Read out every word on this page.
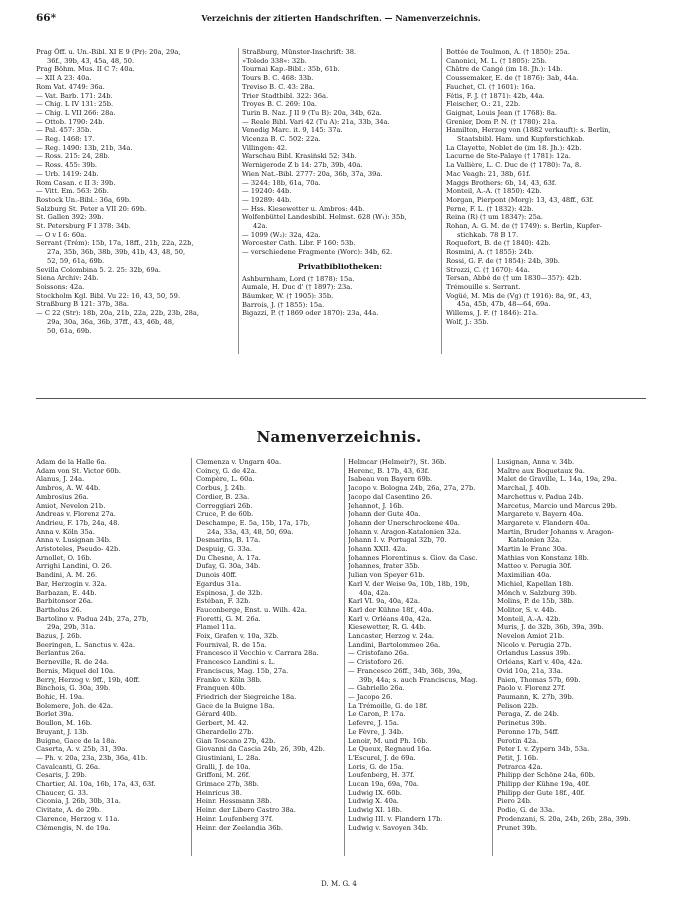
66*	Verzeichnis der zitierten Handschriften. — Namenverzeichnis.
Prag Öff. u. Un.-Bibl. XI E 9 (Pr): 20a, 29a,
36f., 39b, 43, 45a, 48, 50.
Prag Böhm. Mus. II C 7: 40a.
— XII A 23: 40a.
Rom Vat. 4749: 36a.
— Vat. Barb. 171: 24b.
— Chig. L IV 131: 25b.
— Chig. L VII 266: 28a.
— Ottob. 1790: 24b.
— Pal. 457: 35b.
— Reg. 1468: 17.
— Reg. 1490: 13b, 21b, 34a.
— Ross. 215: 24, 28b.
— Ross. 455: 39b.
— Urb. 1419: 24b.
Rom Casan. c II 3: 39b.
— Vitt. Em. 563: 26b.
Rostock Un.-Bibl.: 36a, 69b.
Salzburg St. Peter a VII 20: 69b.
St. Gallen 392: 39b.
St. Petersburg F I 378: 34b.
— O v I 6: 60a.
Serrant (Trém): 15b, 17a, 18ff., 21b, 22a, 22b,
27a, 35b, 36b, 38b, 39b, 41b, 43, 48, 50,
52, 59, 61a, 69b.
Sevilla Colombina 5. 2. 25: 32b, 69a.
Siena Archiv: 24b.
Soissons: 42a.
Stockholm Kgl. Bibl. Vu 22: 16, 43, 50, 59.
Straßburg B 121: 37b, 38a.
— C 22 (Str): 18b, 20a, 21b, 22a, 22b, 23b, 28a,
29a, 30a, 36a, 36b, 37ff., 43, 46b, 48,
50, 61a, 69b.
Straßburg, Münster-Inschrift: 38.
»Toledo 338«: 32b.
Tournai Kap.-Bibl.: 35b, 61b.
Tours B. C. 468: 33b.
Treviso B. C. 43: 28a.
Trier Stadtbibl. 322: 36a.
Troyes B. C. 269: 10a.
Turin B. Naz. J II 9 (Tu B): 20a, 34b, 62a.
— Reale Bibl. Vari 42 (Tu A): 21a, 33b, 34a.
Venedig Marc. it. 9, 145: 37a.
Vicenza B. C. 502: 22a.
Villingen: 42.
Warschau Bibl. Krasiński 52: 34b.
Wernigerode Z b 14: 27b, 39b, 40a.
Wien Nat.-Bibl. 2777: 20a, 36b, 37a, 39a.
— 3244: 18b, 61a, 70a.
— 19240: 44b.
— 19289: 44b.
— Hss. Kiesewetter u. Ambros: 44b.
Wolfenbüttel Landesbibl. Helmst. 628 (W₁): 35b,
42a.
— 1099 (W₂): 32a, 42a.
Worcester Cath. Libr. F 160: 53b.
— verschiedene Fragmente (Worc): 34b, 62.
Privatbibliotheken:
Ashburnham, Lord († 1878): 15a.
Aumale, H. Duc d' († 1897): 23a.
Bäumker, W. († 1905): 35b.
Barrois, J. († 1855): 15a.
Bigazzi, P. († 1869 oder 1870): 23a, 44a.
Bottée de Toulmon, A. († 1850): 25a.
Canonici, M. L. († 1805): 25b.
Châtre de Cangé (im 18. Jh.): 14b.
Coussemaker, E. de († 1876): 3ab, 44a.
Fauchet, Cl. († 1601): 16a.
Fétis, F. J. († 1871): 42b, 44a.
Fleischer, O.: 21, 22b.
Gaignat, Louis Jean († 1768): 8a.
Grenier, Dom P. N. († 1780): 21a.
Hamilton, Herzog von (1882 verkauft): s. Berlin,
Staatsbibl. Ham. und Kupferstichkab.
La Clayette, Noblet de (im 18. Jh.): 42b.
Lacurne de Ste-Palaye († 1781): 12a.
La Vallière, L. C. Duc de († 1780): 7a, 8.
Mac Veagh: 21, 38b, 61f.
Maggs Brothers: 6b, 14, 43, 63f.
Monteil, A.-A. († 1850): 42b.
Morgan, Pierpont (Morg): 13, 43, 48ff., 63f.
Perne, F. L. († 1832): 42b.
Reina (R) († um 1834?): 25a.
Rohan, A. G. M. de († 1749): s. Berlin, Kupfer-
stichkab. 78 B 17.
Roquefort, B. de († 1840): 42b.
Rosmini, A. († 1855): 24b.
Rossi, G. F. de († 1854): 24b, 39b.
Strozzi, C. († 1670): 44a.
Tersan, Abbé de († um 1830—35?): 42b.
Trémouille s. Serrant.
Vogüé, M. Mis de (Vg) († 1916): 8a, 9f., 43,
45a, 45b, 47b, 48—64, 69a.
Willems, J. F. († 1846): 21a.
Wolf, J.: 35b.
Namenverzeichnis.
Adam de la Halle 6a.
Adam von St. Victor 60b.
Alanus, J. 24a.
Ambros, A. W. 44b.
Ambrosius 26a.
Amiot, Nevelon 21b.
Andreas v. Florenz 27a.
Andrieu, F. 17b, 24a, 48.
Anna v. Köln 35a.
Anna v. Lusignan 34b.
Aristoteles, Pseudo- 42b.
Arnollet, O. 16b.
Arrighi Landini, O. 26.
Bandini, A. M. 26.
Bar, Herzogin v. 32a.
Barbazan, E. 44b.
Barbitonsor 26a.
Bartholus 26.
Bartolino v. Padua 24b, 27a, 27b,
29a, 29b, 31a.
Bazus, J. 26b.
Beeringen, L. Sanctus v. 42a.
Berlantus 26a.
Berneville, R. de 24a.
Bernis, Miquel del 10a.
Berry, Herzog v. 9ff., 19b, 40ff.
Binchois, G. 30a, 39b.
Bohic, H. 19a.
Bolemere, Joh. de 42a.
Borlet 39a.
Boullon, M. 16b.
Bruyant, J. 13b.
Buigne, Gace de la 18a.
Caserta, A. v. 25b, 31, 39a.
— Ph. v. 20a, 23a, 23b, 36a, 41b.
Cavalcanti, G. 26a.
Cesaris, J. 29b.
Chartier, Al. 10a, 16b, 17a, 43, 63f.
Chaucer, G. 33.
Ciconia, J. 26b, 30b, 31a.
Civitate, A. de 29b.
Clarence, Herzog v. 11a.
Clémengis, N. de 19a.
Clemenza v. Ungarn 40a.
Coincy, G. de 42a.
Compère, L. 60a.
Corbus, J. 24b.
Cordier, B. 23a.
Correggiari 26b.
Cruce, P. de 60b.
Deschampe, E. 5a, 15b, 17a, 17b,
24a, 33a, 43, 48, 50, 69a.
Desmarins, B. 17a.
Despuig, G. 33a.
Du Chesne, A. 17a.
Dufay, G. 30a, 34b.
Dunois 40ff.
Egardus 31a.
Espinosa, J. de 32b.
Estéban, F. 32b.
Fauconberge, Enst. u. Wilh. 42a.
Fioretti, G. M. 26a.
Flamel 11a.
Foix, Grafen v. 10a, 32b.
Fournival, R. de 15a.
Francesco il Vecchio v. Carrara 28a.
Francesco Landini s. L.
Franciscus, Mag. 15b, 27a.
Franko v. Köln 38b.
Franquen 40b.
Friedrich der Siegreiche 18a.
Gace de la Buigne 18a.
Gérard 40b.
Gerbert, M. 42.
Gherardello 27b.
Gian Toscano 27b, 42b.
Giovanni da Cascia 24b, 26, 39b, 42b.
Giustiniani, L. 28a.
Gralli, J. de 10a.
Griffoni, M. 26f.
Grimace 27b, 38b.
Heinricus 38.
Heinr. Hessmann 38b.
Heinr. der Libero Castro 38a.
Heinr. Loufenberg 37f.
Heinr. der Zeelandia 36b.
Helmcar (Helmeir?), St. 36b.
Herenc, B. 17b, 43, 63f.
Isabeau von Bayern 69b.
Jacopo v. Bologna 24b, 26a, 27a, 27b.
Jacopo dal Casentino 26.
Jehannot, J. 16b.
Johann der Gute 40a.
Johann der Unerschrockene 40a.
Johann v. Aragon-Katalonien 32a.
Johann I. v. Portugal 32b, 70.
Johann XXII. 42a.
Johannes Florentinus s. Giov. da Casc.
Johannes, frater 35b.
Julian von Speyer 61b.
Karl V. der Weise 9a, 10b, 18b, 19b,
40a, 42a.
Karl VI. 9a, 40a, 42a.
Karl der Kühne 18f., 40a.
Karl v. Orléans 40a, 42a.
Kiesewetter, R. G. 44b.
Lancaster, Herzog v. 24a.
Landini, Bartolommeo 26a.
— Cristofano 26a.
— Cristoforo 26.
— Francesco 26ff., 34b, 36b, 39a,
39b, 44a; s. auch Franciscus, Mag.
— Gabriello 26a.
— Jacopo 26.
La Trémoille, G. de 18f.
Le Caron, P. 17a.
Lefevre, J. 15a.
Le Fèvre, J. 34b.
Lenoir, M. und Ph. 16b.
Le Queux, Regnaud 16a.
L'Escurel, J. de 69a.
Loris, G. de 15a.
Loufenberg, H. 37f.
Lucan 19a, 69a, 70a.
Ludwig IX. 60b.
Ludwig X. 40a.
Ludwig XI. 18b.
Ludwig III. v. Flandern 17b.
Ludwig v. Savoyen 34b.
Lusignan, Anna v. 34b.
Maître aux Boquetaux 9a.
Malet de Graville, L. 14a, 19a, 29a.
Marchal, J. 40b.
Marchettus v. Padua 24b.
Marcetus, Marcio und Marcus 29b.
Margarete v. Bayern 40a.
Margarete v. Flandern 40a.
Martin, Bruder Johanns v. Aragon-
Katalonien 32a.
Martin le Franc 30a.
Mathias von Konstanz 18b.
Matteo v. Perugia 30f.
Maximilian 40a.
Michiel, Kapellan 18b.
Mönch v. Salzburg 39b.
Molins, P. de 15b, 38b.
Molitor, S. v. 44b.
Monteil, A.-A. 42b.
Muris, J. de 32b, 36b, 39a, 39b.
Nevelon Amiot 21b.
Nicolo v. Perugia 27b.
Orlandus Lassus 39b.
Orléans, Karl v. 40a, 42a.
Ovid 10a, 21a, 33a.
Paien, Thomas 57b, 69b.
Paolo v. Florenz 27f.
Paumann, K. 27b, 39b.
Pelison 22b.
Peraga, Z. de 24b.
Perinetus 39b.
Peronne 17b, 54ff.
Perotin 42a.
Peter I. v. Zypern 34b, 53a.
Petit, J. 16b.
Petrarca 42a.
Philipp der Schöne 24a, 60b.
Philipp der Kühne 19a, 40f.
Philipp der Gute 18f., 40f.
Piero 24b.
Podio, G. de 33a.
Prodenzani, S. 20a, 24b, 26b, 28a, 39b.
Prunet 39b.
D. M. G. 4
